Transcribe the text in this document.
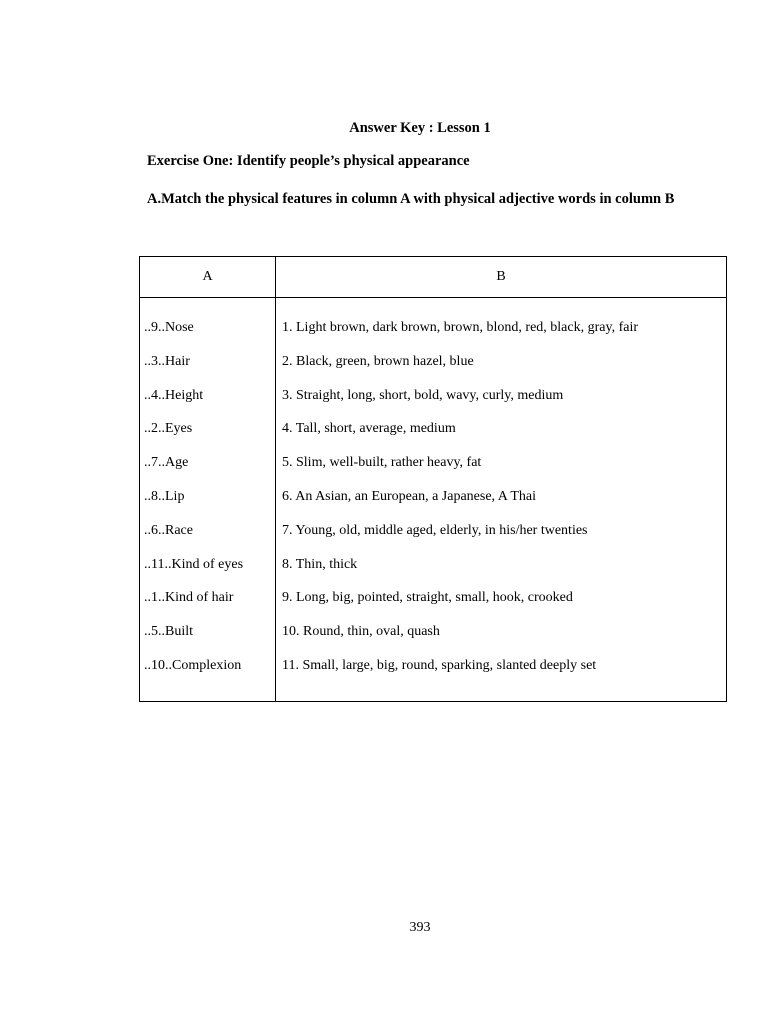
Answer Key : Lesson 1
Exercise One: Identify people’s physical appearance
A.Match the physical features in column A with physical adjective words in column B
A	B
..9..Nose	1. Light brown, dark brown, brown, blond, red, black, gray, fair
..3..Hair	2. Black, green, brown hazel, blue
..4..Height	3. Straight, long, short, bold, wavy, curly, medium
..2..Eyes	4. Tall, short, average, medium
..7..Age	5. Slim, well-built, rather heavy, fat
..8..Lip	6. An Asian, an European, a Japanese, A Thai
..6..Race	7. Young, old, middle aged, elderly, in his/her twenties
..11..Kind of eyes	8. Thin, thick
..1..Kind of hair	9. Long, big, pointed, straight, small, hook, crooked
..5..Built	10. Round, thin, oval, quash
..10..Complexion	11. Small, large, big, round, sparking, slanted deeply set
393
